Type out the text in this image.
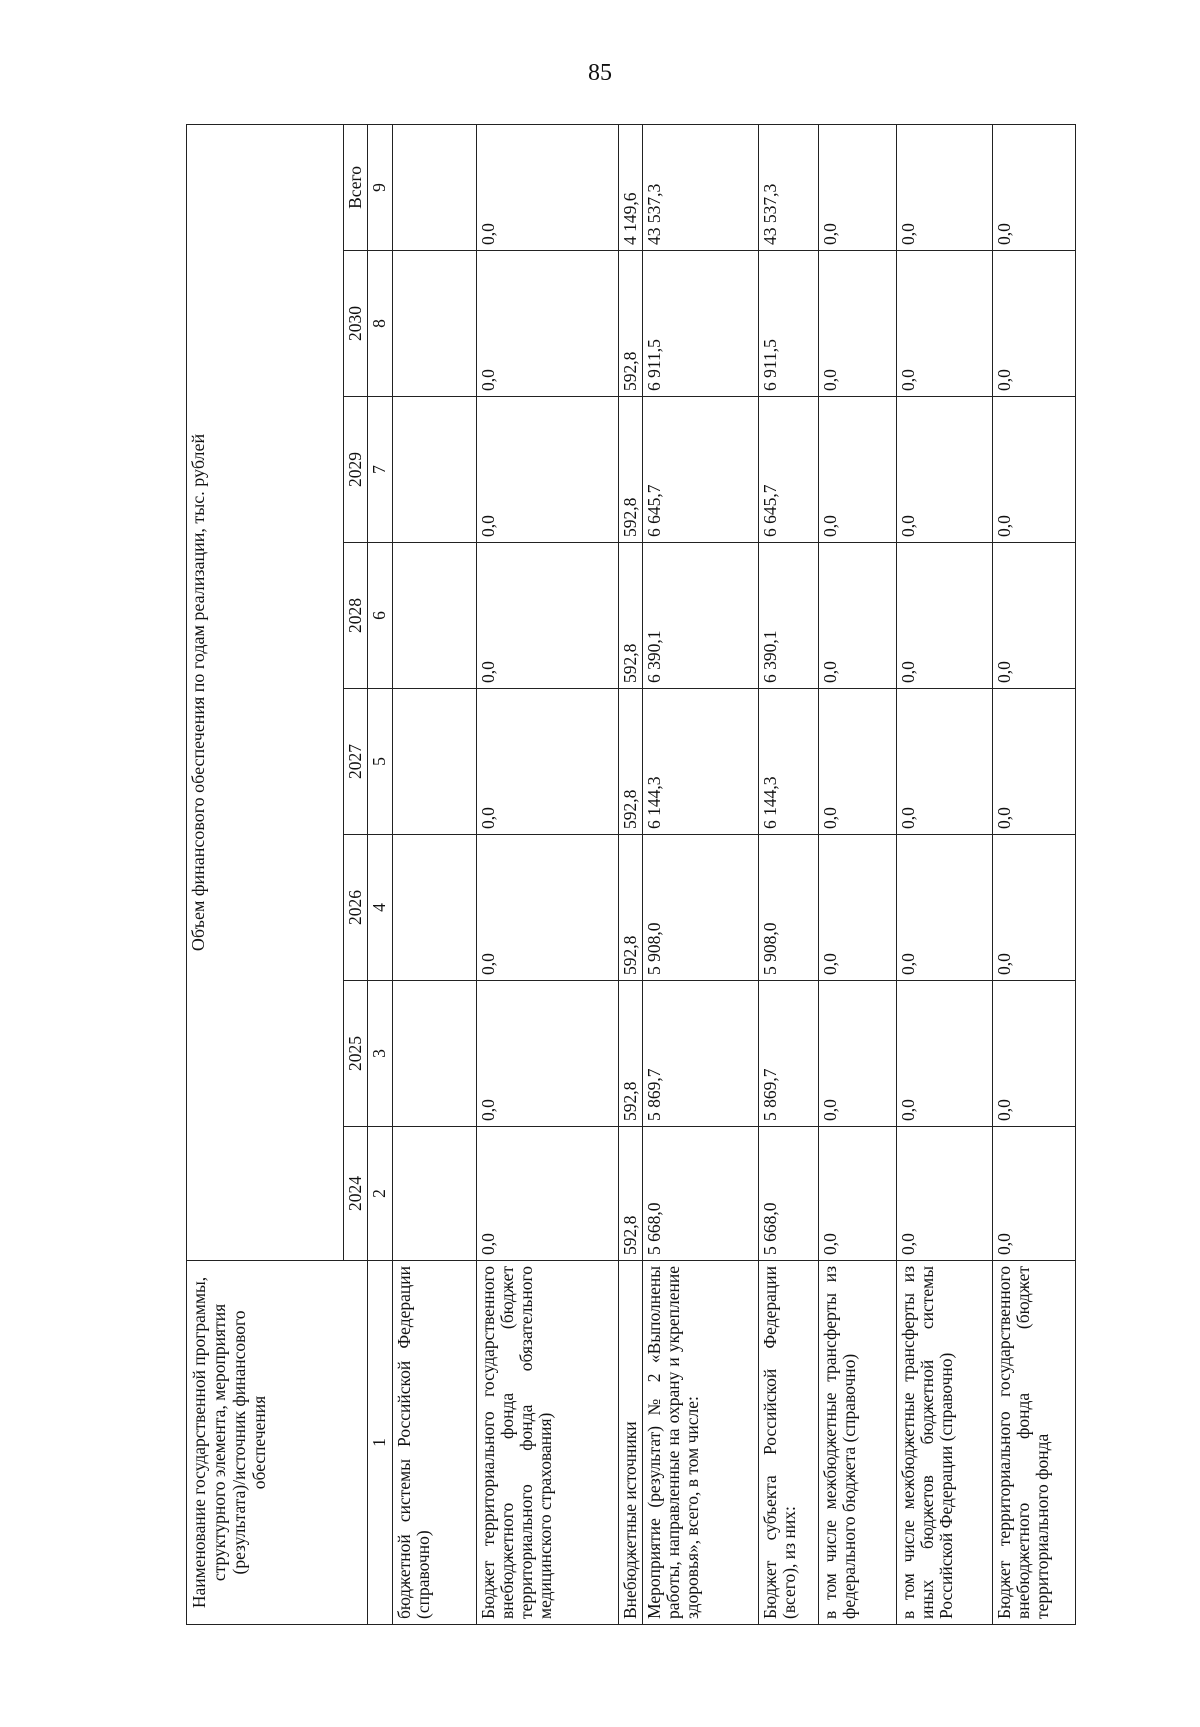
85
Наименование государственной программы, структурного элемента, мероприятия (результата)/источник финансового обеспечения	Объем финансового обеспечения по годам реализации, тыс. рублей							
	2024	2025	2026	2027	2028	2029	2030	Всего
1	2	3	4	5	6	7	8	9
бюджетной системы Российской Федерации (справочно)								
Бюджет территориального государственного внебюджетного фонда (бюджет территориального фонда обязательного медицинского страхования)	0,0	0,0	0,0	0,0	0,0	0,0	0,0	0,0
Внебюджетные источники	592,8	592,8	592,8	592,8	592,8	592,8	592,8	4 149,6
Мероприятие (результат) № 2 «Выполнены работы, направленные на охрану и укрепление здоровья», всего, в том числе:	5 668,0	5 869,7	5 908,0	6 144,3	6 390,1	6 645,7	6 911,5	43 537,3
Бюджет субъекта Российской Федерации (всего), из них:	5 668,0	5 869,7	5 908,0	6 144,3	6 390,1	6 645,7	6 911,5	43 537,3
в том числе межбюджетные трансферты из федерального бюджета (справочно)	0,0	0,0	0,0	0,0	0,0	0,0	0,0	0,0
в том числе межбюджетные трансферты из иных бюджетов бюджетной системы Российской Федерации (справочно)	0,0	0,0	0,0	0,0	0,0	0,0	0,0	0,0
Бюджет территориального государственного внебюджетного фонда (бюджет территориального фонда	0,0	0,0	0,0	0,0	0,0	0,0	0,0	0,0
